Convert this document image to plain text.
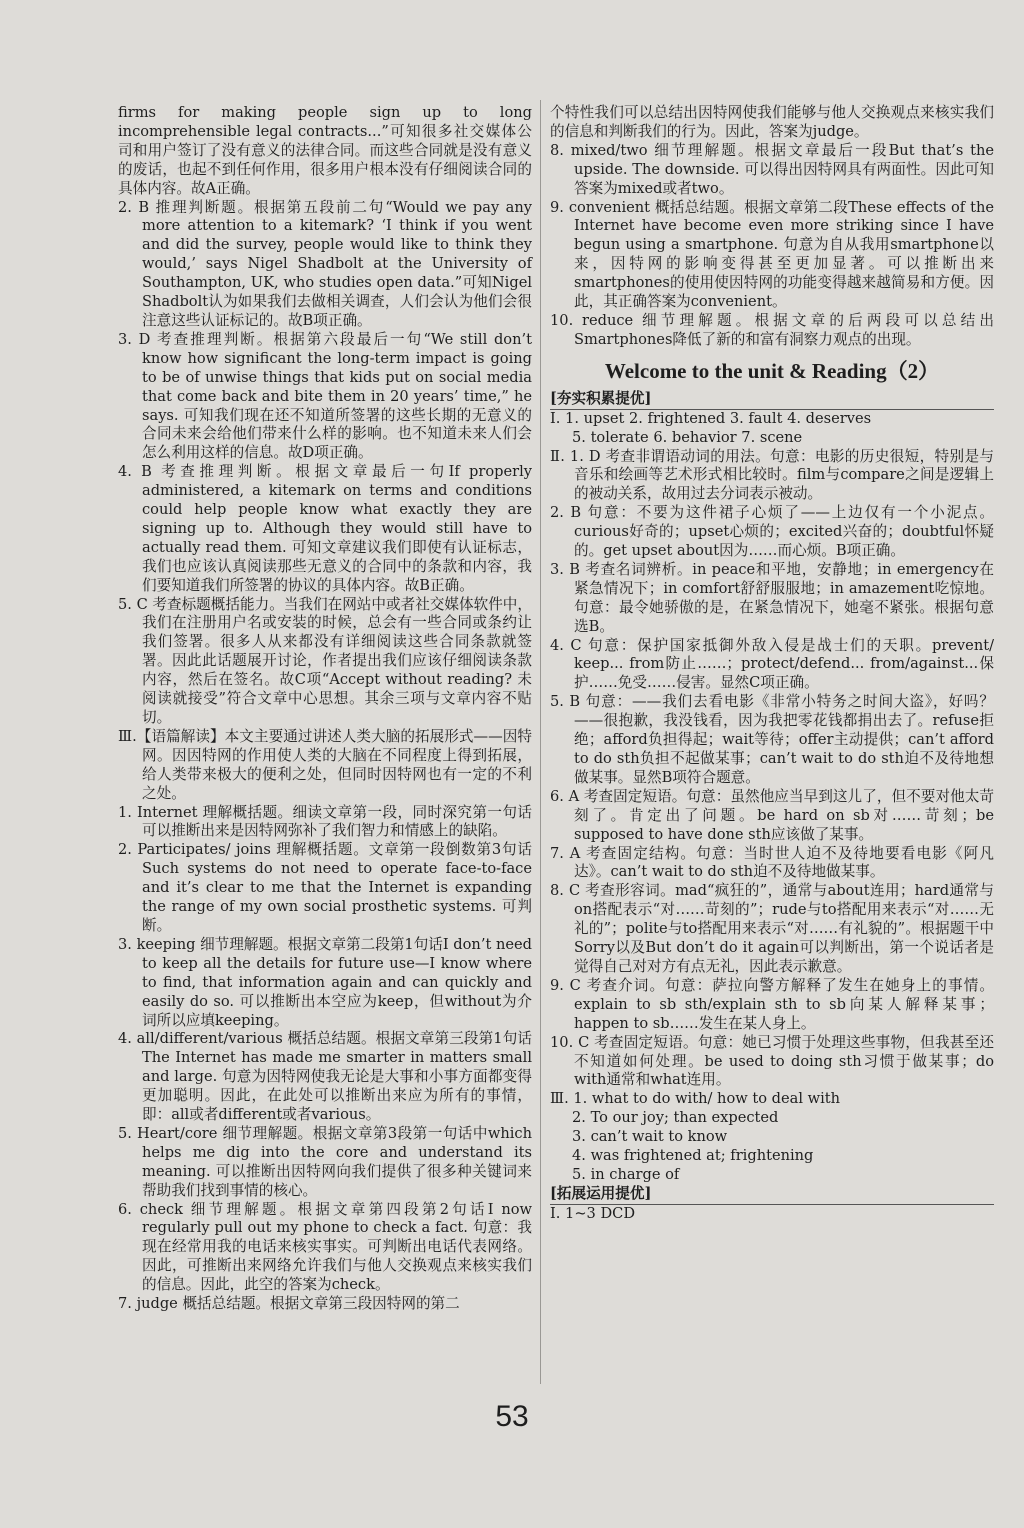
firms for making people sign up to long incomprehensible legal contracts...”可知很多社交媒体公司和用户签订了没有意义的法律合同。而这些合同就是没有意义的废话，也起不到任何作用，很多用户根本没有仔细阅读合同的具体内容。故A正确。

2. B 推理判断题。根据第五段前二句“Would we pay any more attention to a kitemark? ‘I think if you went and did the survey, people would like to think they would,’ says Nigel Shadbolt at the University of Southampton, UK, who studies open data.”可知Nigel Shadbolt认为如果我们去做相关调查，人们会认为他们会很注意这些认证标记的。故B项正确。

3. D 考查推理判断。根据第六段最后一句“We still don’t know how significant the long-term impact is going to be of unwise things that kids put on social media that come back and bite them in 20 years’ time,” he says. 可知我们现在还不知道所签署的这些长期的无意义的合同未来会给他们带来什么样的影响。也不知道未来人们会怎么利用这样的信息。故D项正确。

4. B 考查推理判断。根据文章最后一句If properly administered, a kitemark on terms and conditions could help people know what exactly they are signing up to. Although they would still have to actually read them. 可知文章建议我们即使有认证标志，我们也应该认真阅读那些无意义的合同中的条款和内容，我们要知道我们所签署的协议的具体内容。故B正确。

5. C 考查标题概括能力。当我们在网站中或者社交媒体软件中，我们在注册用户名或安装的时候，总会有一些合同或条约让我们签署。很多人从来都没有详细阅读这些合同条款就签署。因此此话题展开讨论，作者提出我们应该仔细阅读条款内容，然后在签名。故C项“Accept without reading? 未阅读就接受”符合文章中心思想。其余三项与文章内容不贴切。

Ⅲ.【语篇解读】本文主要通过讲述人类大脑的拓展形式——因特网。因因特网的作用使人类的大脑在不同程度上得到拓展，给人类带来极大的便利之处，但同时因特网也有一定的不利之处。

1. Internet 理解概括题。细读文章第一段，同时深究第一句话可以推断出来是因特网弥补了我们智力和情感上的缺陷。

2. Participates/ joins 理解概括题。文章第一段倒数第3句话Such systems do not need to operate face-to-face and it’s clear to me that the Internet is expanding the range of my own social prosthetic systems. 可判断。

3. keeping 细节理解题。根据文章第二段第1句话I don’t need to keep all the details for future use—I know where to find, that information again and can quickly and easily do so. 可以推断出本空应为keep，但without为介词所以应填keeping。

4. all/different/various 概括总结题。根据文章第三段第1句话The Internet has made me smarter in matters small and large. 句意为因特网使我无论是大事和小事方面都变得更加聪明。因此，在此处可以推断出来应为所有的事情，即：all或者different或者various。

5. Heart/core 细节理解题。根据文章第3段第一句话中which helps me dig into the core and understand its meaning. 可以推断出因特网向我们提供了很多种关键词来帮助我们找到事情的核心。

6. check 细节理解题。根据文章第四段第2句话I now regularly pull out my phone to check a fact. 句意：我现在经常用我的电话来核实事实。可判断出电话代表网络。因此，可推断出来网络允许我们与他人交换观点来核实我们的信息。因此，此空的答案为check。

7. judge 概括总结题。根据文章第三段因特网的第二

个特性我们可以总结出因特网使我们能够与他人交换观点来核实我们的信息和判断我们的行为。因此，答案为judge。

8. mixed/two 细节理解题。根据文章最后一段But that’s the upside. The downside. 可以得出因特网具有两面性。因此可知答案为mixed或者two。

9. convenient 概括总结题。根据文章第二段These effects of the Internet have become even more striking since I have begun using a smartphone. 句意为自从我用smartphone以来，因特网的影响变得甚至更加显著。可以推断出来smartphones的使用使因特网的功能变得越来越简易和方便。因此，其正确答案为convenient。

10. reduce 细节理解题。根据文章的后两段可以总结出Smartphones降低了新的和富有洞察力观点的出现。

Welcome to the unit & Reading（2）
[夯实积累提优]

Ⅰ. 1. upset 2. frightened 3. fault 4. deserves

5. tolerate 6. behavior 7. scene

Ⅱ. 1. D 考查非谓语动词的用法。句意：电影的历史很短，特别是与音乐和绘画等艺术形式相比较时。film与compare之间是逻辑上的被动关系，故用过去分词表示被动。

2. B 句意：不要为这件裙子心烦了——上边仅有一个小泥点。curious好奇的；upset心烦的；excited兴奋的；doubtful怀疑的。get upset about因为……而心烦。B项正确。

3. B 考查名词辨析。in peace和平地，安静地；in emergency在紧急情况下；in comfort舒舒服服地；in amazement吃惊地。句意：最令她骄傲的是，在紧急情况下，她毫不紧张。根据句意选B。

4. C 句意：保护国家抵御外敌入侵是战士们的天职。prevent/ keep... from防止……；protect/defend... from/against...保护……免受……侵害。显然C项正确。

5. B 句意：——我们去看电影《非常小特务之时间大盗》，好吗？——很抱歉，我没钱看，因为我把零花钱都捐出去了。refuse拒绝；afford负担得起；wait等待；offer主动提供；can’t afford to do sth负担不起做某事；can’t wait to do sth迫不及待地想做某事。显然B项符合题意。

6. A 考查固定短语。句意：虽然他应当早到这儿了，但不要对他太苛刻了。肯定出了问题。be hard on sb对……苛刻；be supposed to have done sth应该做了某事。

7. A 考查固定结构。句意：当时世人迫不及待地要看电影《阿凡达》。can’t wait to do sth迫不及待地做某事。

8. C 考查形容词。mad“疯狂的”，通常与about连用；hard通常与on搭配表示“对……苛刻的”；rude与to搭配用来表示“对……无礼的”；polite与to搭配用来表示“对……有礼貌的”。根据题干中Sorry以及But don’t do it again可以判断出，第一个说话者是觉得自己对对方有点无礼，因此表示歉意。

9. C 考查介词。句意：萨拉向警方解释了发生在她身上的事情。explain to sb sth/explain sth to sb向某人解释某事；happen to sb……发生在某人身上。

10. C 考查固定短语。句意：她已习惯于处理这些事物，但我甚至还不知道如何处理。be used to doing sth习惯于做某事；do with通常和what连用。

Ⅲ. 1. what to do with/ how to deal with

2. To our joy; than expected

3. can’t wait to know

4. was frightened at; frightening

5. in charge of

[拓展运用提优]

Ⅰ. 1~3 DCD

53
